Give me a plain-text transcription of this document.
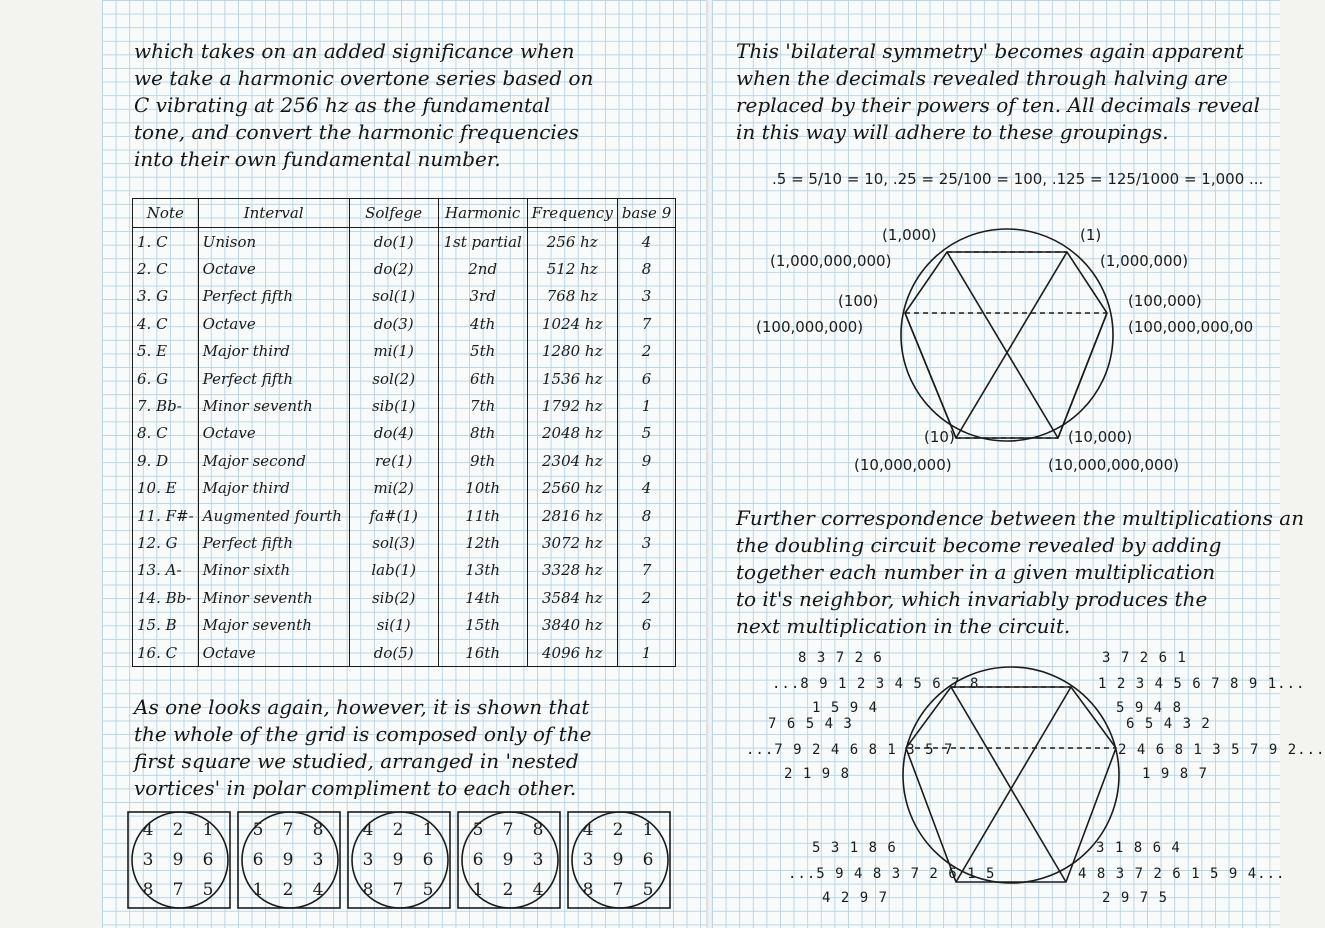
which takes on an added significance when

we take a harmonic overtone series based on

C vibrating at 256 hz as the fundamental

tone, and convert the harmonic frequencies

into their own fundamental number.

Note	Interval	Solfege	Harmonic	Frequency	base 9
1. C	Unison	do(1)	1st partial	256 hz	4
2. C	Octave	do(2)	2nd	512 hz	8
3. G	Perfect fifth	sol(1)	3rd	768 hz	3
4. C	Octave	do(3)	4th	1024 hz	7
5. E	Major third	mi(1)	5th	1280 hz	2
6. G	Perfect fifth	sol(2)	6th	1536 hz	6
7. Bb-	Minor seventh	sib(1)	7th	1792 hz	1
8. C	Octave	do(4)	8th	2048 hz	5
9. D	Major second	re(1)	9th	2304 hz	9
10. E	Major third	mi(2)	10th	2560 hz	4
11. F#-	Augmented fourth	fa#(1)	11th	2816 hz	8
12. G	Perfect fifth	sol(3)	12th	3072 hz	3
13. A-	Minor sixth	lab(1)	13th	3328 hz	7
14. Bb-	Minor seventh	sib(2)	14th	3584 hz	2
15. B	Major seventh	si(1)	15th	3840 hz	6
16. C	Octave	do(5)	16th	4096 hz	1

As one looks again, however, it is shown that

the whole of the grid is composed only of the

first square we studied, arranged in 'nested

vortices' in polar compliment to each other.

4 2 1
3 9 6
8 7 5
5 7 8
6 9 3
1 2 4
4 2 1
3 9 6
8 7 5
5 7 8
6 9 3
1 2 4
4 2 1
3 9 6
8 7 5

This 'bilateral symmetry' becomes again apparent

when the decimals revealed through halving are

replaced by their powers of ten. All decimals reveal

in this way will adhere to these groupings.

.5 = 5/10 = 10, .25 = 25/100 = 100, .125 = 125/1000 = 1,000 ...
(1,000)
(1,000,000,000)
(1)
(1,000,000)
(100)
(100,000,000)
(100,000)
(100,000,000,00
(10)
(10,000,000)
(10,000)
(10,000,000,000)

Further correspondence between the multiplications an

the doubling circuit become revealed by adding

together each number in a given multiplication

to it's neighbor, which invariably produces the

next multiplication in the circuit.

8 3 7 2 6
...8 9 1 2 3 4 5 6 7 8
1 5 9 4
7 6 5 4 3
...7 9 2 4 6 8 1 3 5 7
2 1 9 8
5 3 1 8 6
...5 9 4 8 3 7 2 6 1 5
4 2 9 7
3 7 2 6 1
1 2 3 4 5 6 7 8 9 1...
5 9 4 8
6 5 4 3 2
2 4 6 8 1 3 5 7 9 2...
1 9 8 7
3 1 8 6 4
4 8 3 7 2 6 1 5 9 4...
2 9 7 5
